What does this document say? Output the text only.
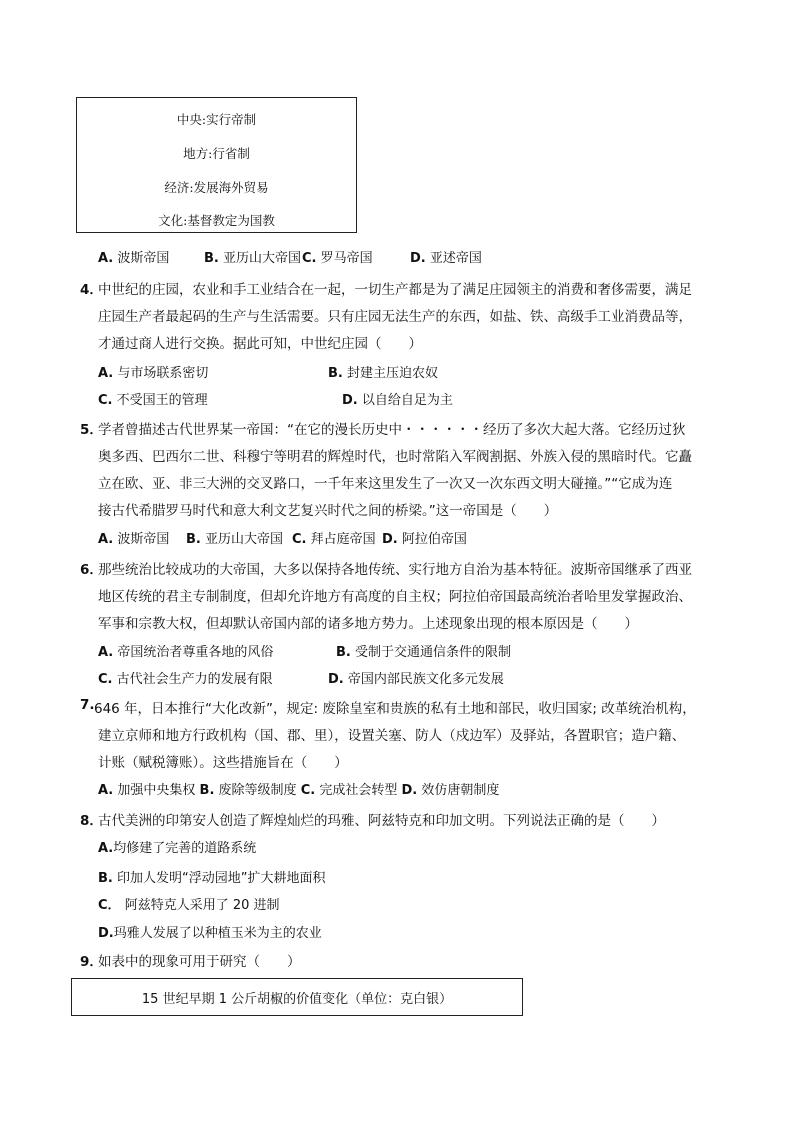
中央:实行帝制
地方:行省制
经济:发展海外贸易
文化:基督教定为国教
A. 波斯帝国	B. 亚历山大帝国 C. 罗马帝国	D. 亚述帝国
4．
中世纪的庄园，农业和手工业结合在一起，一切生产都是为了满足庄园领主的消费和奢侈需要，满足
庄园生产者最起码的生产与生活需要。只有庄园无法生产的东西，如盐、铁、高级手工业消费品等，
才通过商人进行交换。据此可知，中世纪庄园（　　）
A. 与市场联系密切	B. 封建主压迫农奴
C. 不受国王的管理	D. 以自给自足为主
5．
学者曾描述古代世界某一帝国：“在它的漫长历史中・・・・・・经历了多次大起大落。它经历过狄
奥多西、巴西尔二世、科穆宁等明君的辉煌时代，也时常陷入军阀割据、外族入侵的黑暗时代。它矗
立在欧、亚、非三大洲的交叉路口，一千年来这里发生了一次又一次东西文明大碰撞。”“它成为连
接古代希腊罗马时代和意大利文艺复兴时代之间的桥梁。”这一帝国是（　　）
A. 波斯帝国 B. 亚历山大帝国 C. 拜占庭帝国 D. 阿拉伯帝国
6．
那些统治比较成功的大帝国，大多以保持各地传统、实行地方自治为基本特征。波斯帝国继承了西亚
地区传统的君主专制制度，但却允许地方有高度的自主权；阿拉伯帝国最高统治者哈里发掌握政治、
军事和宗教大权，但却默认帝国内部的诸多地方势力。上述现象出现的根本原因是（　　）
A. 帝国统治者尊重各地的风俗	B. 受制于交通通信条件的限制
C. 古代社会生产力的发展有限	D. 帝国内部民族文化多元发展
7. 646 年，日本推行“大化改新”，规定: 废除皇室和贵族的私有土地和部民，收归国家; 改革统治机构，
建立京师和地方行政机构（国、郡、里），设置关塞、防人（戍边军）及驿站，各置职官；造户籍、
计账（赋税簿账）。这些措施旨在（　　）
A. 加强中央集权 B. 废除等级制度 C. 完成社会转型 D. 效仿唐朝制度
8．
古代美洲的印第安人创造了辉煌灿烂的玛雅、阿兹特克和印加文明。下列说法正确的是（　　）
A.均修建了完善的道路系统
B. 印加人发明“浮动园地”扩大耕地面积
C． 阿兹特克人采用了 20 进制
D.玛雅人发展了以种植玉米为主的农业
9．
如表中的现象可用于研究（　　）
15 世纪早期 1 公斤胡椒的价值变化（单位：克白银）
